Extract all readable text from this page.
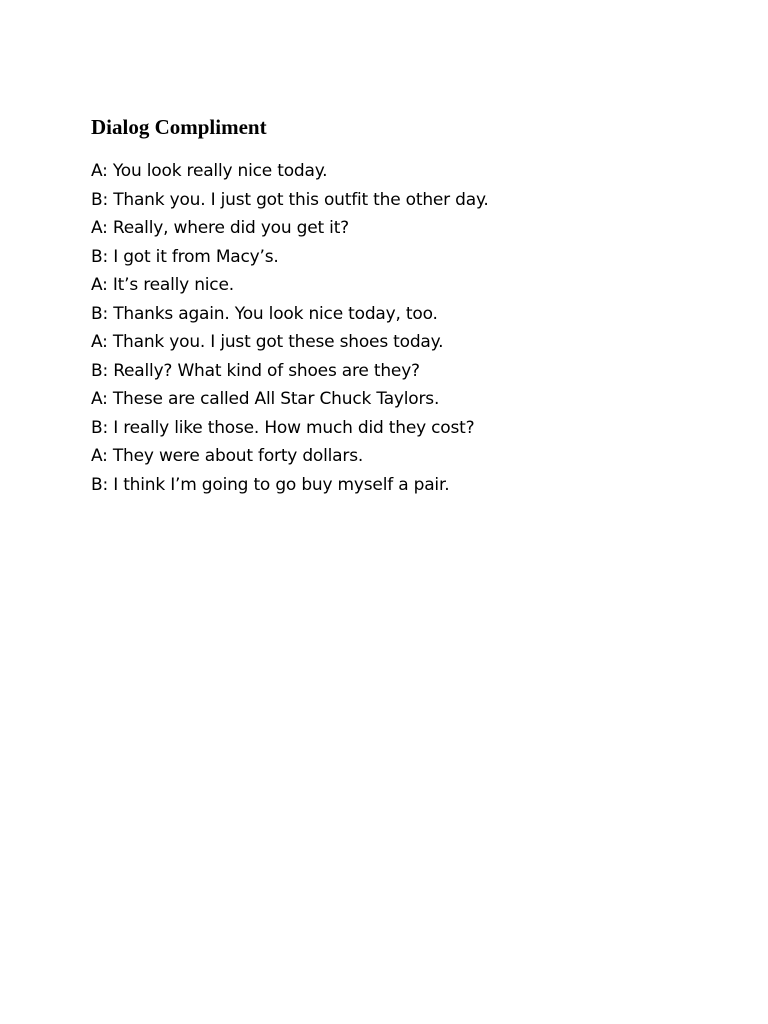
Dialog Compliment
A: You look really nice today.
B: Thank you. I just got this outfit the other day.
A: Really, where did you get it?
B: I got it from Macy’s.
A: It’s really nice.
B: Thanks again. You look nice today, too.
A: Thank you. I just got these shoes today.
B: Really? What kind of shoes are they?
A: These are called All Star Chuck Taylors.
B: I really like those. How much did they cost?
A: They were about forty dollars.
B: I think I’m going to go buy myself a pair.
